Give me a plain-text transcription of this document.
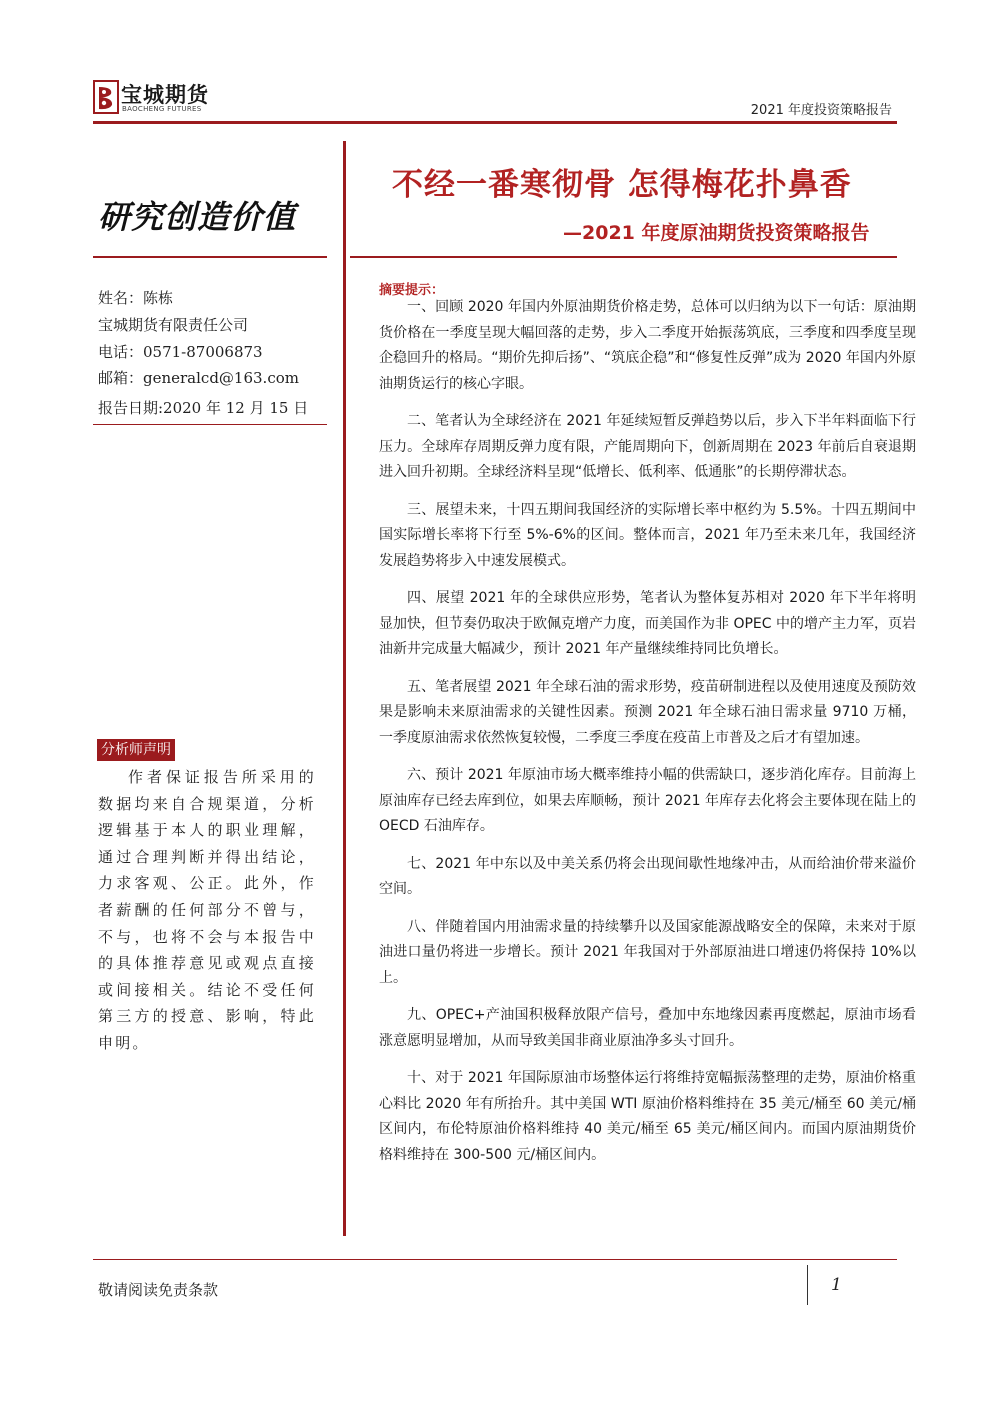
宝城期货
BAOCHENG FUTURES	2021 年度投资策略报告
研究创造价值
姓名：陈栋
宝城期货有限责任公司
电话：0571-87006873
邮箱：generalcd@163.com
报告日期:2020 年 12 月 15 日
分析师声明
作者保证报告所采用的数据均来自合规渠道，分析逻辑基于本人的职业理解，通过合理判断并得出结论，力求客观、公正。此外，作者薪酬的任何部分不曾与，不与，也将不会与本报告中的具体推荐意见或观点直接或间接相关。结论不受任何第三方的授意、影响，特此申明。
不经一番寒彻骨 怎得梅花扑鼻香
—2021 年度原油期货投资策略报告
摘要提示：

一、回顾 2020 年国内外原油期货价格走势，总体可以归纳为以下一句话：原油期货价格在一季度呈现大幅回落的走势，步入二季度开始振荡筑底，三季度和四季度呈现企稳回升的格局。“期价先抑后扬”、“筑底企稳”和“修复性反弹”成为 2020 年国内外原油期货运行的核心字眼。

二、笔者认为全球经济在 2021 年延续短暂反弹趋势以后，步入下半年料面临下行压力。全球库存周期反弹力度有限，产能周期向下，创新周期在 2023 年前后自衰退期进入回升初期。全球经济料呈现“低增长、低利率、低通胀”的长期停滞状态。

三、展望未来，十四五期间我国经济的实际增长率中枢约为 5.5%。十四五期间中国实际增长率将下行至 5%-6%的区间。整体而言，2021 年乃至未来几年，我国经济发展趋势将步入中速发展模式。

四、展望 2021 年的全球供应形势，笔者认为整体复苏相对 2020 年下半年将明显加快，但节奏仍取决于欧佩克增产力度，而美国作为非 OPEC 中的增产主力军，页岩油新井完成量大幅减少，预计 2021 年产量继续维持同比负增长。

五、笔者展望 2021 年全球石油的需求形势，疫苗研制进程以及使用速度及预防效果是影响未来原油需求的关键性因素。预测 2021 年全球石油日需求量 9710 万桶，一季度原油需求依然恢复较慢，二季度三季度在疫苗上市普及之后才有望加速。

六、预计 2021 年原油市场大概率维持小幅的供需缺口，逐步消化库存。目前海上原油库存已经去库到位，如果去库顺畅，预计 2021 年库存去化将会主要体现在陆上的 OECD 石油库存。

七、2021 年中东以及中美关系仍将会出现间歇性地缘冲击，从而给油价带来溢价空间。

八、伴随着国内用油需求量的持续攀升以及国家能源战略安全的保障，未来对于原油进口量仍将进一步增长。预计 2021 年我国对于外部原油进口增速仍将保持 10%以上。

九、OPEC+产油国积极释放限产信号，叠加中东地缘因素再度燃起，原油市场看涨意愿明显增加，从而导致美国非商业原油净多头寸回升。

十、对于 2021 年国际原油市场整体运行将维持宽幅振荡整理的走势，原油价格重心料比 2020 年有所抬升。其中美国 WTI 原油价格料维持在 35 美元/桶至 60 美元/桶区间内，布伦特原油价格料维持 40 美元/桶至 65 美元/桶区间内。而国内原油期货价格料维持在 300-500 元/桶区间内。

敬请阅读免责条款	1
